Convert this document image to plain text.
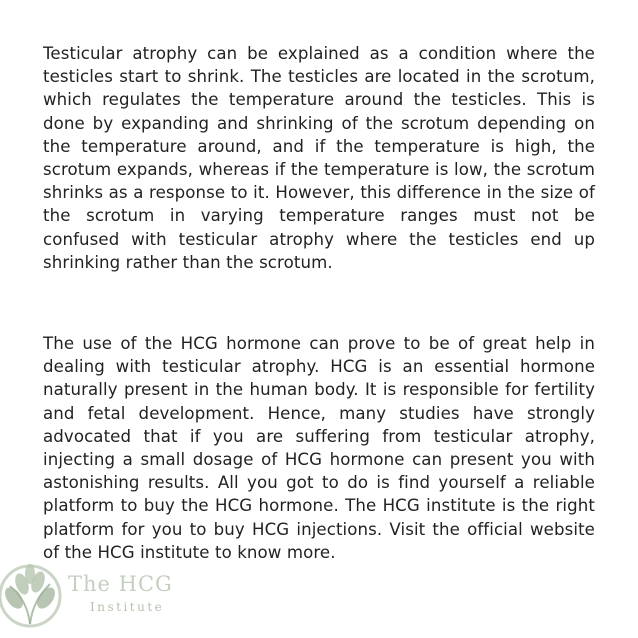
Testicular atrophy can be explained as a condition where the testicles start to shrink. The testicles are located in the scrotum, which regulates the temperature around the testicles. This is done by expanding and shrinking of the scrotum depending on the temperature around, and if the temperature is high, the scrotum expands, whereas if the temperature is low, the scrotum shrinks as a response to it. However, this difference in the size of the scrotum in varying temperature ranges must not be confused with testicular atrophy where the testicles end up shrinking rather than the scrotum.

The use of the HCG hormone can prove to be of great help in dealing with testicular atrophy. HCG is an essential hormone naturally present in the human body. It is responsible for fertility and fetal development. Hence, many studies have strongly advocated that if you are suffering from testicular atrophy, injecting a small dosage of HCG hormone can present you with astonishing results. All you got to do is find yourself a reliable platform to buy the HCG hormone. The HCG institute is the right platform for you to buy HCG injections. Visit the official website of the HCG institute to know more.

The HCG
Institute
